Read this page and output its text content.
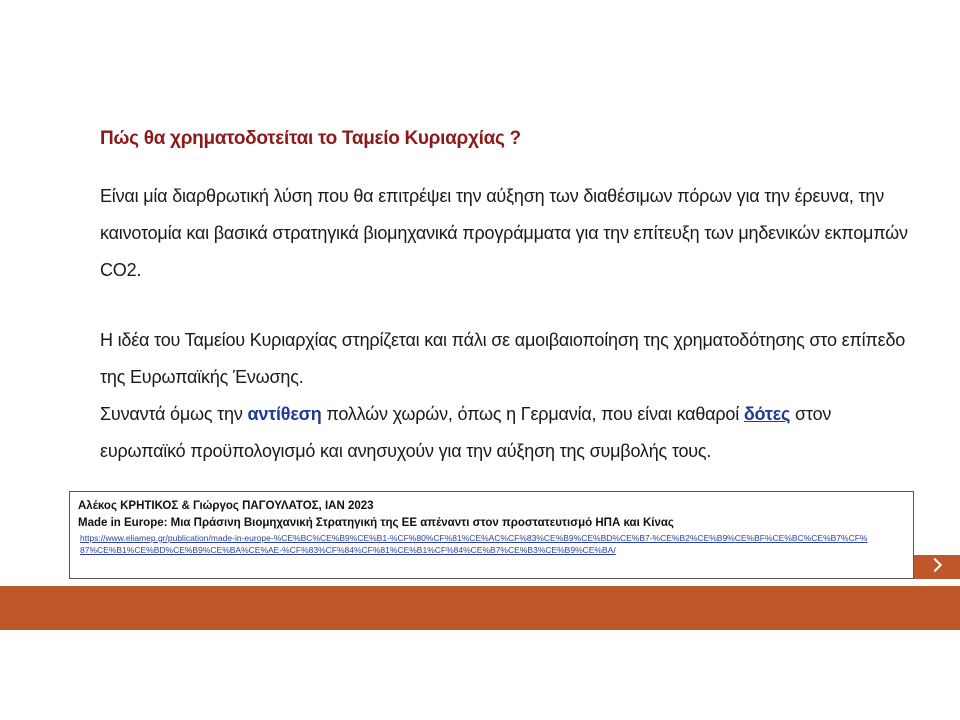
Πώς θα χρηματοδοτείται το Ταμείο Κυριαρχίας ?
Είναι μία διαρθρωτική λύση που θα επιτρέψει την αύξηση των διαθέσιμων πόρων για την έρευνα, την καινοτομία και βασικά στρατηγικά βιομηχανικά προγράμματα για την επίτευξη των μηδενικών εκπομπών CO2.
Η ιδέα του Ταμείου Κυριαρχίας στηρίζεται και πάλι σε αμοιβαιοποίηση της χρηματοδότησης στο επίπεδο της Ευρωπαϊκής Ένωσης.
Συναντά όμως την αντίθεση πολλών χωρών, όπως η Γερμανία, που είναι καθαροί δότες στον ευρωπαϊκό προϋπολογισμό και ανησυχούν για την αύξηση της συμβολής τους.
Αλέκος ΚΡΗΤΙΚΟΣ & Γιώργος ΠΑΓΟΥΛΑΤΟΣ, ΙΑΝ 2023
Made in Europe: Μια Πράσινη Βιομηχανική Στρατηγική της ΕΕ απέναντι στον προστατευτισμό ΗΠΑ και Κίνας
https://www.eliamep.gr/publication/made-in-europe-%CE%BC%CE%B9%CE%B1-%CF%80%CF%81%CE%AC%CF%83%CE%B9%CE%BD%CE%B7-%CE%B2%CE%B9%CE%BF%CE%BC%CE%B7%CF%87%CE%B1%CE%BD%CE%B9%CE%BA%CE%AE-%CF%83%CF%84%CF%81%CE%B1%CF%84%CE%B7%CE%B3%CE%B9%CE%BA/
